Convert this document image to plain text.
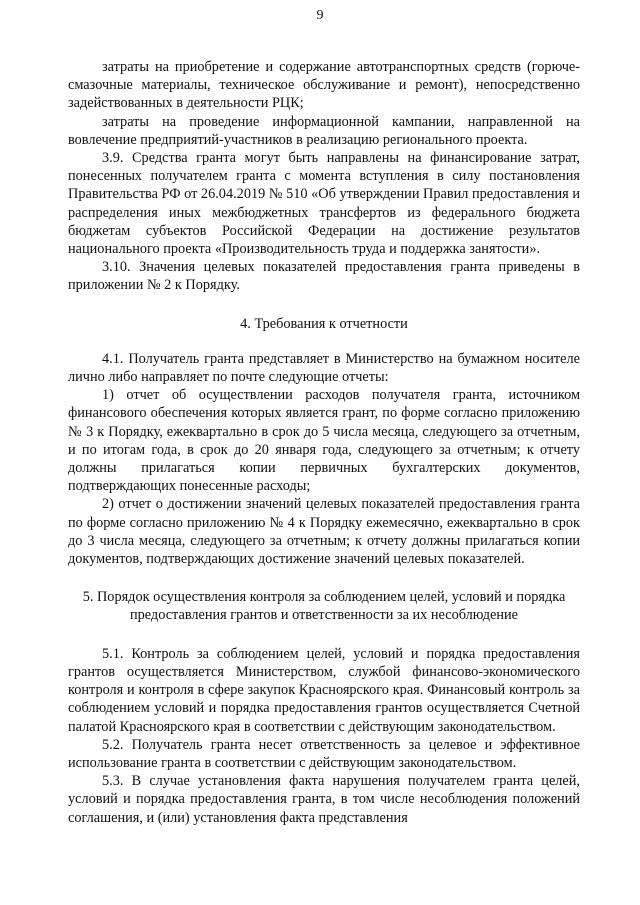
9

затраты на приобретение и содержание автотранспортных средств (горюче-смазочные материалы, техническое обслуживание и ремонт), непосредственно задействованных в деятельности РЦК;

затраты на проведение информационной кампании, направленной на вовлечение предприятий-участников в реализацию регионального проекта.

3.9. Средства гранта могут быть направлены на финансирование затрат, понесенных получателем гранта с момента вступления в силу постановления Правительства РФ от 26.04.2019 № 510 «Об утверждении Правил предоставления и распределения иных межбюджетных трансфертов из федерального бюджета бюджетам субъектов Российской Федерации на достижение результатов национального проекта «Производительность труда и поддержка занятости».

3.10. Значения целевых показателей предоставления гранта приведены в приложении № 2 к Порядку.

4. Требования к отчетности

4.1. Получатель гранта представляет в Министерство на бумажном носителе лично либо направляет по почте следующие отчеты:

1) отчет об осуществлении расходов получателя гранта, источником финансового обеспечения которых является грант, по форме согласно приложению № 3 к Порядку, ежеквартально в срок до 5 числа месяца, следующего за отчетным, и по итогам года, в срок до 20 января года, следующего за отчетным; к отчету должны прилагаться копии первичных бухгалтерских документов, подтверждающих понесенные расходы;

2) отчет о достижении значений целевых показателей предоставления гранта по форме согласно приложению № 4 к Порядку ежемесячно, ежеквартально в срок до 3 числа месяца, следующего за отчетным; к отчету должны прилагаться копии документов, подтверждающих достижение значений целевых показателей.

5. Порядок осуществления контроля за соблюдением целей, условий и порядка предоставления грантов и ответственности за их несоблюдение

5.1. Контроль за соблюдением целей, условий и порядка предоставления грантов осуществляется Министерством, службой финансово-экономического контроля и контроля в сфере закупок Красноярского края. Финансовый контроль за соблюдением условий и порядка предоставления грантов осуществляется Счетной палатой Красноярского края в соответствии с действующим законодательством.

5.2. Получатель гранта несет ответственность за целевое и эффективное использование гранта в соответствии с действующим законодательством.

5.3. В случае установления факта нарушения получателем гранта целей, условий и порядка предоставления гранта, в том числе несоблюдения положений соглашения, и (или) установления факта представления
